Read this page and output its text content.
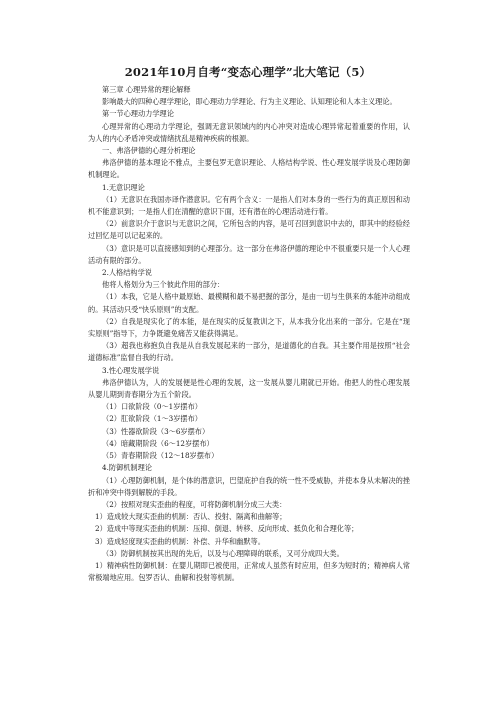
2021年10月自考“变态心理学”北大笔记（5）

第三章 心理异常的理论解释

影响最大的四种心理学理论，即心理动力学理论、行为主义理论、认知理论和人本主义理论。

第一节心理动力学理论

心理异常的心理动力学理论，强调无意识领域内的内心冲突对造成心理异常起着重要的作用，认为人的内心矛盾冲突或情绪扰乱是精神疾病的根源。

一、弗洛伊德的心理分析理论

弗洛伊德的基本理论不雅点，主要包罗无意识理论、人格结构学说、性心理发展学说及心理防御机制理论。

1.无意识理论

（1）无意识在我国亦译作潜意识。它有两个含义：一是指人们对本身的一些行为的真正原因和动机不能意识到；一是指人们在清醒的意识下面，还有潜在的心理活动进行着。

（2）前意识介于意识与无意识之间，它所包含的内容，是可召回到意识中去的，即其中的经验经过回忆是可以记起来的。

（3）意识是可以直接感知到的心理部分。这一部分在弗洛伊德的理论中不很重要只是一个人心理活动有限的部分。

2.人格结构学说

他将人格划分为三个彼此作用的部分：

（1）本我，它是人格中最原始、最模糊和最不易把握的部分，是由一切与生俱来的本能冲动组成的。其活动只受“快乐原则”的支配。

（2）自我是现实化了的本能，是在现实的反复教训之下，从本我分化出来的一部分。它是在“现实原则”指导下，力争既避免痛苦又能获得满足。

（3）超我也称抱负自我是从自我发展起来的一部分，是道德化的自我。其主要作用是按照“社会道德标准”监督自我的行动。

3.性心理发展学说

弗洛伊德认为，人的发展便是性心理的发展，这一发展从婴儿期就已开始。他把人的性心理发展从婴儿期到青春期分为五个阶段。

（1）口欲阶段（0～1岁摆布）

（2）肛欲阶段（1～3岁摆布）

（3）性器欲阶段（3～6岁摆布）

（4）暗藏期阶段（6～12岁摆布）

（5）青春期阶段（12～18岁摆布）

4.防御机制理论

（1）心理防御机制，是个体的潜意识，巴望庇护自我的统一性不受威胁，并使本身从未解决的挫折和冲突中得到解脱的手段。

（2）按照对现实歪曲的程度，可将防御机制分成三大类：

1）造成较大现实歪曲的机制：否认、投射、隔离和曲解等；

2）造成中等现实歪曲的机制：压抑、倒退、转移、反向形成、抵负化和合理化等；

3）造成轻度现实歪曲的机制：补偿、升华和幽默等。

（3）防御机制按其出现的先后，以及与心理障碍的联系，又可分成四大类。

1）精神病性防御机制：在婴儿期即已被使用，正常成人虽然有时应用，但多为短时的；精神病人常常极端地应用。包罗否认、曲解和投射等机制。
